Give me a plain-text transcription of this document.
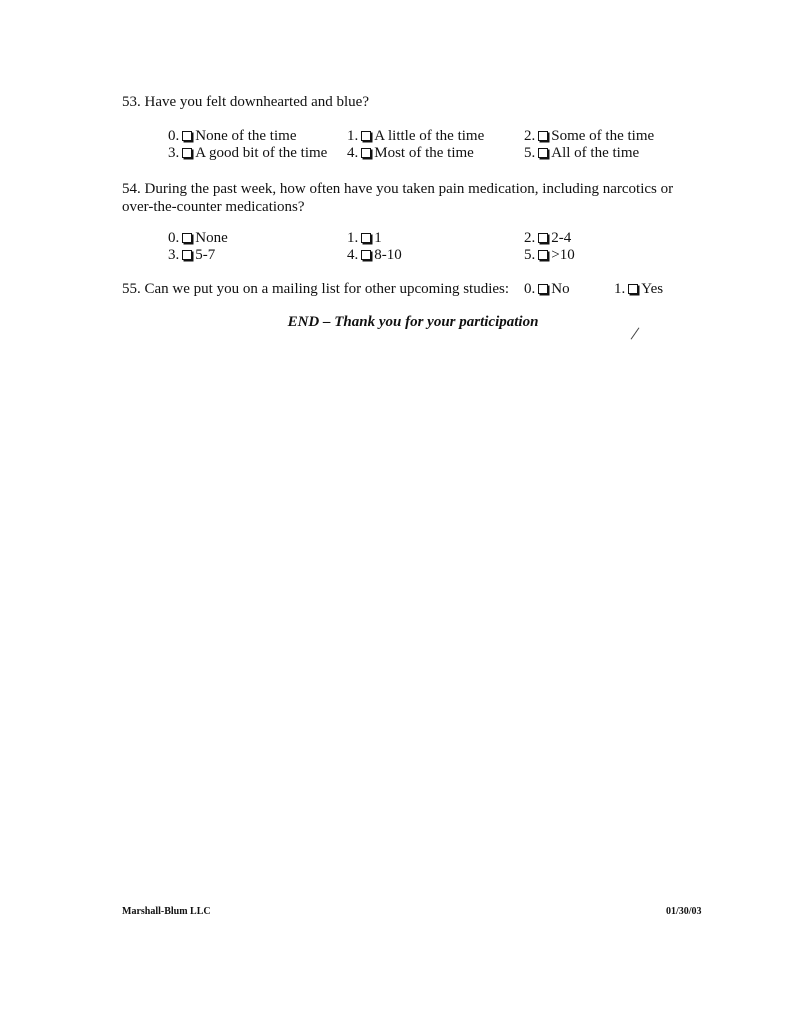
53. Have you felt downhearted and blue?
0. None of the time	1. A little of the time	2. Some of the time
3. A good bit of the time 4. Most of the time	5. All of the time
54. During the past week, how often have you taken pain medication, including narcotics or over-the-counter medications?
0. None	1. 1	2. 2-4
3. 5-7	4. 8-10	5. >10
55. Can we put you on a mailing list for other upcoming studies: 0. No	1. Yes
END – Thank you for your participation
Marshall-Blum LLC	01/30/03
